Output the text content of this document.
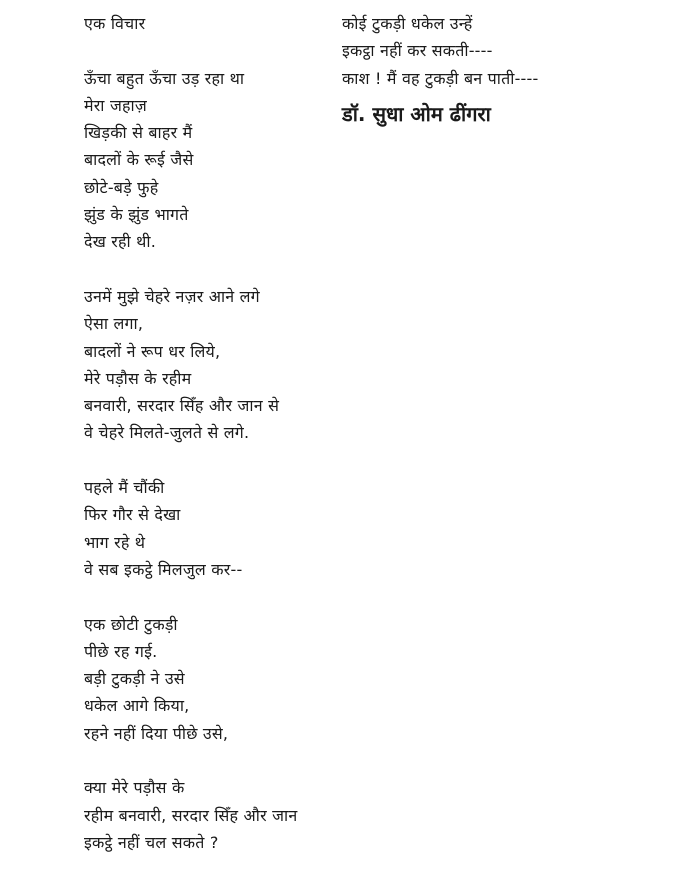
एक विचार
ऊँचा बहुत ऊँचा उड़ रहा था
मेरा जहाज़
खिड़की से बाहर मैं
बादलों के रूई जैसे
छोटे-बड़े फुहे
झुंड के झुंड भागते
देख रही थी.
उनमें मुझे चेहरे नज़र आने लगे
ऐसा लगा,
बादलों ने रूप धर लिये,
मेरे पड़ौस के रहीम
बनवारी, सरदार सिँह और जान से
वे चेहरे मिलते-जुलते से लगे.
पहले मैं चौंकी
फिर गौर से देखा
भाग रहे थे
वे सब इकट्ठे मिलजुल कर--
एक छोटी टुकड़ी
पीछे रह गई.
बड़ी टुकड़ी ने उसे
धकेल आगे किया,
रहने नहीं दिया पीछे उसे,
क्या मेरे पड़ौस के
रहीम बनवारी, सरदार सिँह और जान
इकट्ठे नहीं चल सकते ?
कोई टुकड़ी धकेल उन्हें
इकट्ठा नहीं कर सकती----
काश ! मैं वह टुकड़ी बन पाती----
डॉ. सुधा ओम ढींगरा
